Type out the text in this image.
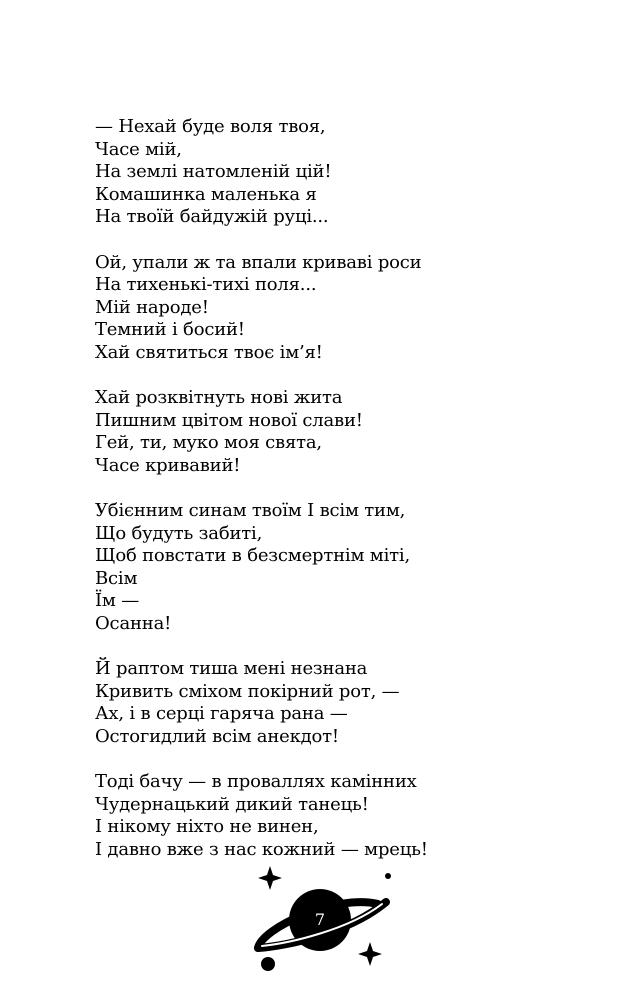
— Нехай буде воля твоя,
Часе мій,
На землі натомленій цій!
Комашинка маленька я
На твоїй байдужій руці...
Ой, упали ж та впали криваві роси
На тихенькі-тихі поля...
Мій народе!
Темний і босий!
Хай святиться твоє ім’я!
Хай розквітнуть нові жита
Пишним цвітом нової слави!
Гей, ти, муко моя свята,
Часе кривавий!
Убієнним синам твоїм І всім тим,
Що будуть забиті,
Щоб повстати в безсмертнім міті,
Всім
Їм —
Осанна!
Й раптом тиша мені незнана
Кривить сміхом покірний рот, —
Ах, і в серці гаряча рана —
Остогидлий всім анекдот!
Тоді бачу — в проваллях камінних
Чудернацький дикий танець!
І нікому ніхто не винен,
І давно вже з нас кожний — мрець!
7
